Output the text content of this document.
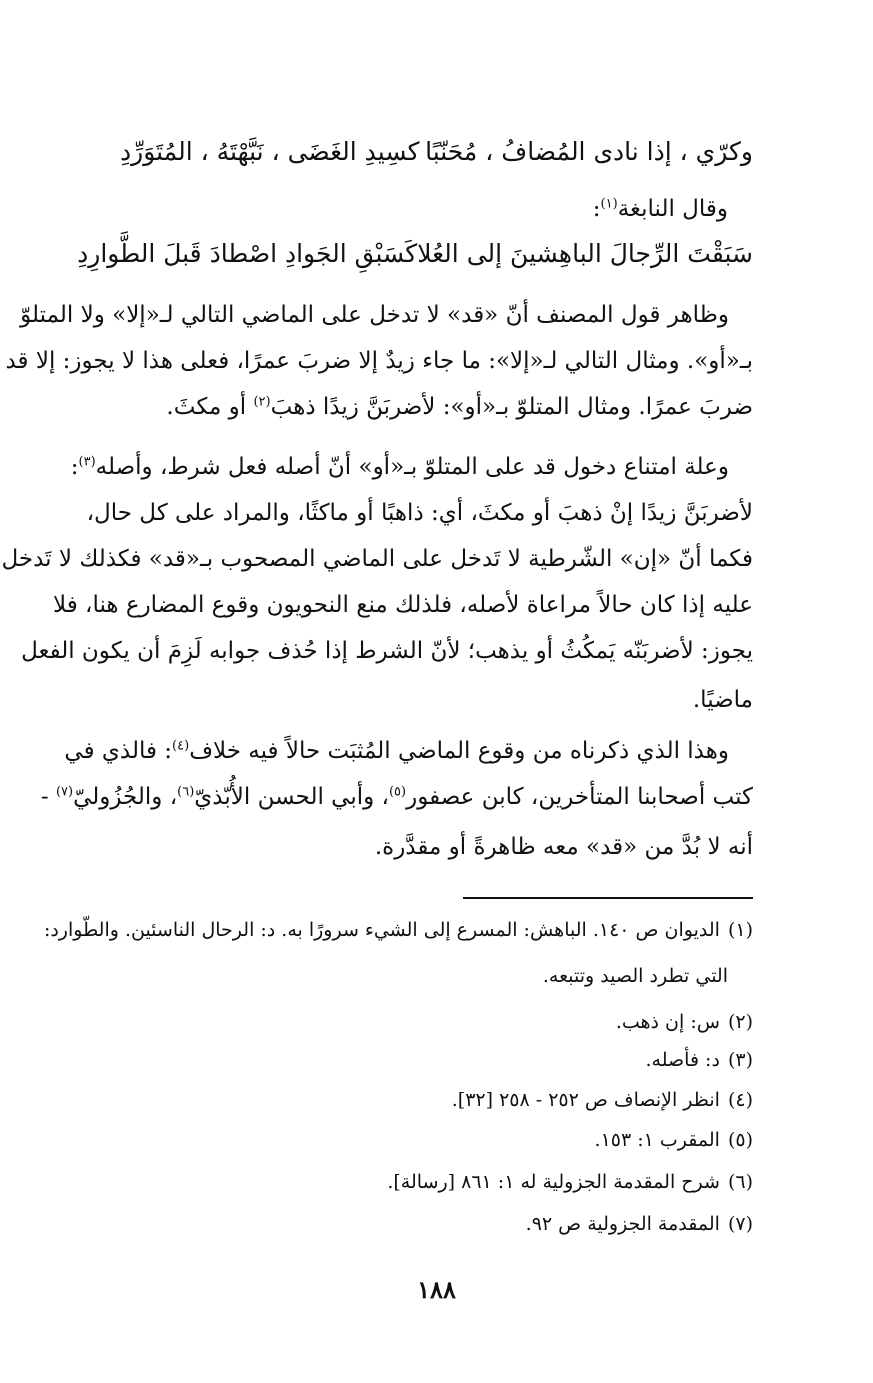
وكرّي ، إذا نادى المُضافُ ، مُحَنّبًا
كسِيدِ الغَضَى ، نَبَّهْتَهُ ، المُتَوَرِّدِ
وقال النابغة$^{(١)}$:
سَبَقْتَ الرِّجالَ الباهِشينَ إلى العُلا
كَسَبْقِ الجَوادِ اصْطادَ قَبلَ الطَّوارِدِ
وظاهر قول المصنف أنّ «قد» لا تدخل على الماضي التالي لـ«إلا» ولا المتلوّ
بـ«أو». ومثال التالي لـ«إلا»: ما جاء زيدٌ إلا ضربَ عمرًا، فعلى هذا لا يجوز: إلا قد
ضربَ عمرًا. ومثال المتلوّ بـ«أو»: لأضربَنَّ زيدًا ذهبَ$^{(٢)}$ أو مكثَ.
وعلة امتناع دخول قد على المتلوّ بـ«أو» أنّ أصله فعل شرط، وأصله$^{(٣)}$:
لأضربَنَّ زيدًا إنْ ذهبَ أو مكثَ، أي: ذاهبًا أو ماكثًا، والمراد على كل حال،
فكما أنّ «إن» الشّرطية لا تَدخل على الماضي المصحوب بـ«قد» فكذلك لا تَدخل
عليه إذا كان حالاً مراعاة لأصله، فلذلك منع النحويون وقوع المضارع هنا، فلا
يجوز: لأضربَنّه يَمكُثُ أو يذهب؛ لأنّ الشرط إذا حُذف جوابه لَزِمَ أن يكون الفعل
ماضيًا.
وهذا الذي ذكرناه من وقوع الماضي المُثبَت حالاً فيه خلاف$^{(٤)}$: فالذي في
كتب أصحابنا المتأخرين، كابن عصفور$^{(٥)}$، وأبي الحسن الأُبّذيّ$^{(٦)}$، والجُزُوليّ$^{(٧)}$ -
أنه لا بُدَّ من «قد» معه ظاهرةً أو مقدَّرة.
(١)الديوان ص ١٤٠. الباهش: المسرع إلى الشيء سرورًا به. د: الرحال الناسئين. والطّوارد:
التي تطرد الصيد وتتبعه.
(٢)س: إن ذهب.
(٣)د: فأصله.
(٤)انظر الإنصاف ص ٢٥٢ - ٢٥٨ [٣٢].
(٥)المقرب ١: ١٥٣.
(٦)شرح المقدمة الجزولية له ١: ٨٦١ [رسالة].
(٧)المقدمة الجزولية ص ٩٢.
١٨٨
